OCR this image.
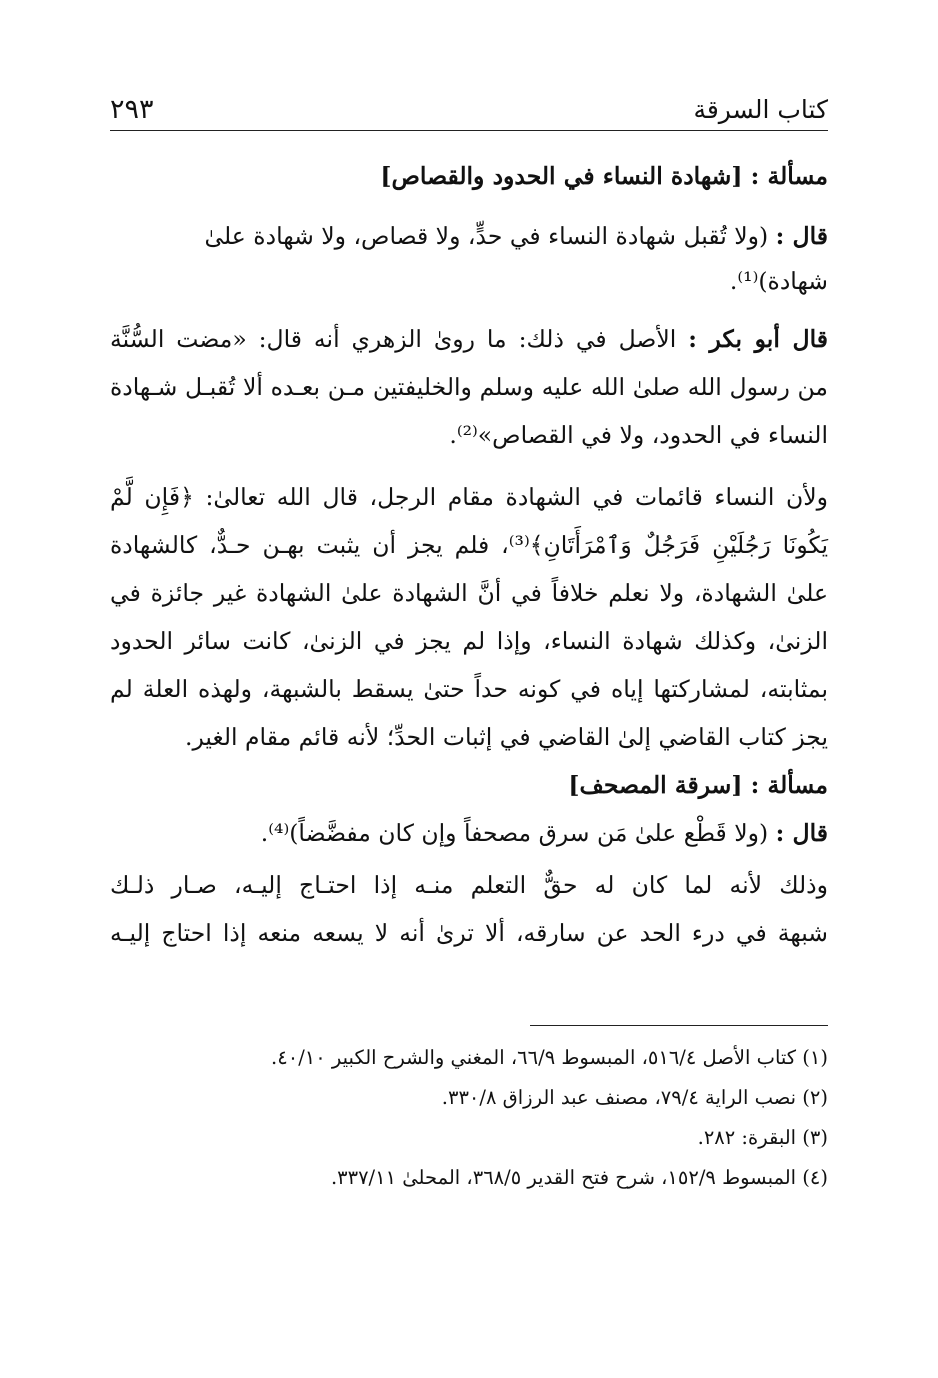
كتاب السرقة
٢٩٣

مسألة : [شهادة النساء في الحدود والقصاص]

قال : (ولا تُقبل شهادة النساء في حدٍّ، ولا قصاص، ولا شهادة علىٰ

شهادة)⁽¹⁾.

قال أبو بكر : الأصل في ذلك: ما روىٰ الزهري أنه قال: «مضت السُّنَّة

من رسول الله صلىٰ الله عليه وسلم والخليفتين مـن بعـده ألا تُقبـل شـهادة

النساء في الحدود، ولا في القصاص»⁽²⁾.

ولأن النساء قائمات في الشهادة مقام الرجل، قال الله تعالىٰ: ﴿فَإِن لَّمْ

يَكُونَا رَجُلَيْنِ فَرَجُلٌ وَٱمْرَأَتَانِ﴾⁽³⁾، فلم يجز أن يثبت بهـن حـدٌّ، كالشهادة

علىٰ الشهادة، ولا نعلم خلافاً في أنَّ الشهادة علىٰ الشهادة غير جائزة في

الزنىٰ، وكذلك شهادة النساء، وإذا لم يجز في الزنىٰ، كانت سائر الحدود

بمثابته، لمشاركتها إياه في كونه حداً حتىٰ يسقط بالشبهة، ولهذه العلة لم

يجز كتاب القاضي إلىٰ القاضي في إثبات الحدِّ؛ لأنه قائم مقام الغير.

مسألة : [سرقة المصحف]

قال : (ولا قَطْع علىٰ مَن سرق مصحفاً وإن كان مفضَّضاً)⁽⁴⁾.

وذلك لأنه لما كان له حقٌّ التعلم منـه إذا احتـاج إليـه، صـار ذلـك

شبهة في درء الحد عن سارقه، ألا ترىٰ أنه لا يسعه منعه إذا احتاج إليـه

(١) كتاب الأصل ٥١٦/٤، المبسوط ٦٦/٩، المغني والشرح الكبير ٤٠/١٠.
(٢) نصب الراية ٧٩/٤، مصنف عبد الرزاق ٣٣٠/٨.
(٣) البقرة: ٢٨٢.
(٤) المبسوط ١٥٢/٩، شرح فتح القدير ٣٦٨/٥، المحلىٰ ٣٣٧/١١.
